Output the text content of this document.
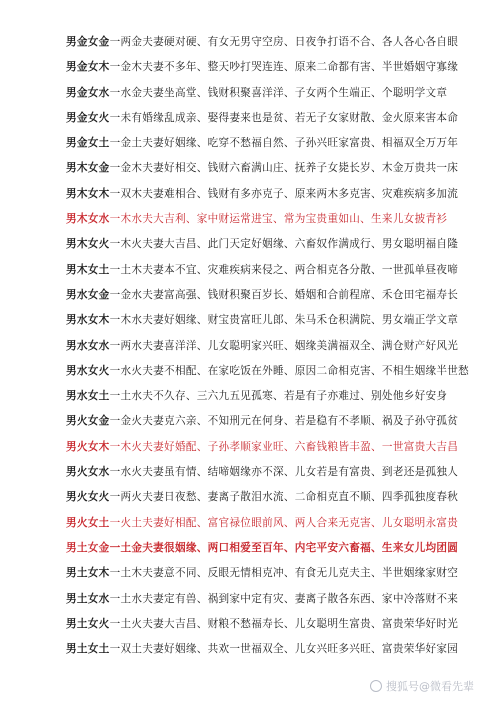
男金女金一两金夫妻硬对硬、有女无男守空房、日夜争打语不合、各人各心各自眼
男金女木一金木夫妻不多年、整天吵打哭连连、原来二命都有害、半世婚姻守寡缘
男金女水一水金夫妻坐高堂、钱财积聚喜洋洋、子女两个生端正、个聪明学文章
男金女火一未有婚缘乱成亲、娶得妻来也是贫、若无子女家财散、金火原来害本命
男金女土一金土夫妻好姻缘、吃穿不愁福自然、子孙兴旺家富贵、相福双全万万年
男木女金一金木夫妻好相交、钱财六畜满山庄、抚养子女毙长岁、木金万贵共一床
男木女木一双木夫妻难相合、钱财有多亦克子、原来两木多克害、灾难疾病多加流
男木女水一木水夫大吉利、家中财运常进宝、常为宝贵重如山、生来儿女披青衫
男木女火一木火夫妻大吉昌、此门天定好姻缘、六畜奴作满成行、男女聪明福自隆
男木女土一土木夫妻本不宜、灾难疾病来侵之、两合相克各分散、一世孤单昼夜啼
男水女金一金水夫妻富高强、钱财积聚百岁长、婚姻和合前程席、禾仓田宅福寿长
男水女木一木水夫妻好姻缘、财宝贵富旺儿郎、朱马禾仓积满院、男女端正学文章
男水女水一两水夫妻喜洋洋、儿女聪明家兴旺、姻缘美满福双全、满仓财产好风光
男水女火一水火夫妻不相配、在家吃饭在外睡、原因二命相克害、不相生姻缘半世愁
男水女土一土水夫不久存、三六九五见孤寒、若是有子亦难过、别处他乡好安身
男火女金一金火夫妻克六亲、不知刑元在何身、若是稳有不孝顺、祸及子孙守孤贫
男火女木一木火夫妻好婚配、子孙孝顺家业旺、六畜钱粮皆丰盈、一世富贵大吉昌
男火女水一水火夫妻虽有情、结啼姻缘亦不深、儿女若是有富贵、到老还是孤独人
男火女火一两火夫妻日夜愁、妻离子散泪水流、二命相克直不顺、四季孤独度春秋
男火女土一火土夫妻好相配、富官禄位眼前风、两人合来无克害、儿女聪明永富贵
男土女金一土金夫妻很姻缘、两口相爱至百年、内宅平安六畜福、生来女儿均团圆
男土女木一土木夫妻意不同、反眼无情相克冲、有食无儿克夫主、半世姻缘家财空
男土女水一土水夫妻定有兽、祸到家中定有灾、妻离子散各东西、家中冷落财不来
男土女火一土火夫妻大吉昌、财粮不愁福寿长、儿女聪明生富贵、富贵荣华好时光
男土女土一双土夫妻好姻缘、共欢一世福双全、儿女兴旺多兴旺、富贵荣华好家园
搜狐号@微看先辈
